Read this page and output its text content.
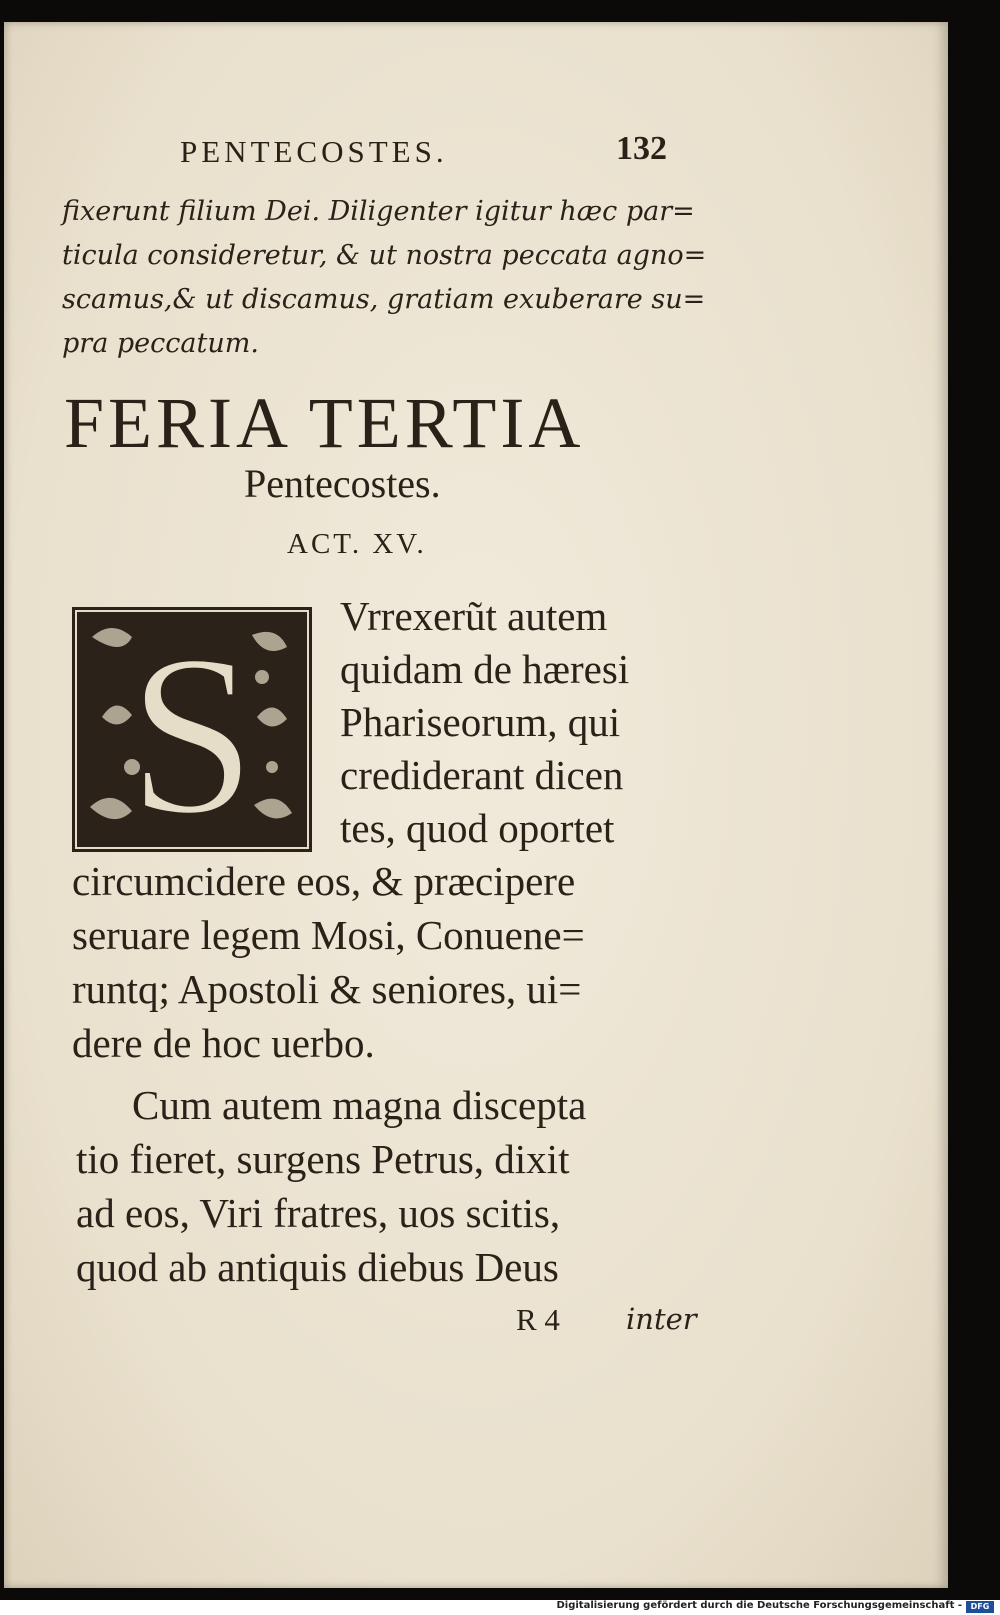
PENTECOSTES.	132

fixerunt filium Dei. Diligenter igitur hæc par=
ticula consideretur, & ut nostra peccata agno=
scamus,& ut discamus, gratiam exuberare su=
pra peccatum.

FERIA TERTIA
Pentecostes.
ACT. XV.
S Vrrexerũt autem
quidam de hæresi
Phariseorum, qui
crediderant dicen
tes, quod oportet

circumcidere eos, & præcipere
seruare legem Mosi, Conuene=
runtq; Apostoli & seniores, ui=
dere de hoc uerbo.

Cum autem magna discepta
tio fieret, surgens Petrus, dixit
ad eos, Viri fratres, uos scitis,
quod ab antiquis diebus Deus

R 4 inter
Digitalisierung gefördert durch die Deutsche Forschungsgemeinschaft -	DFG
